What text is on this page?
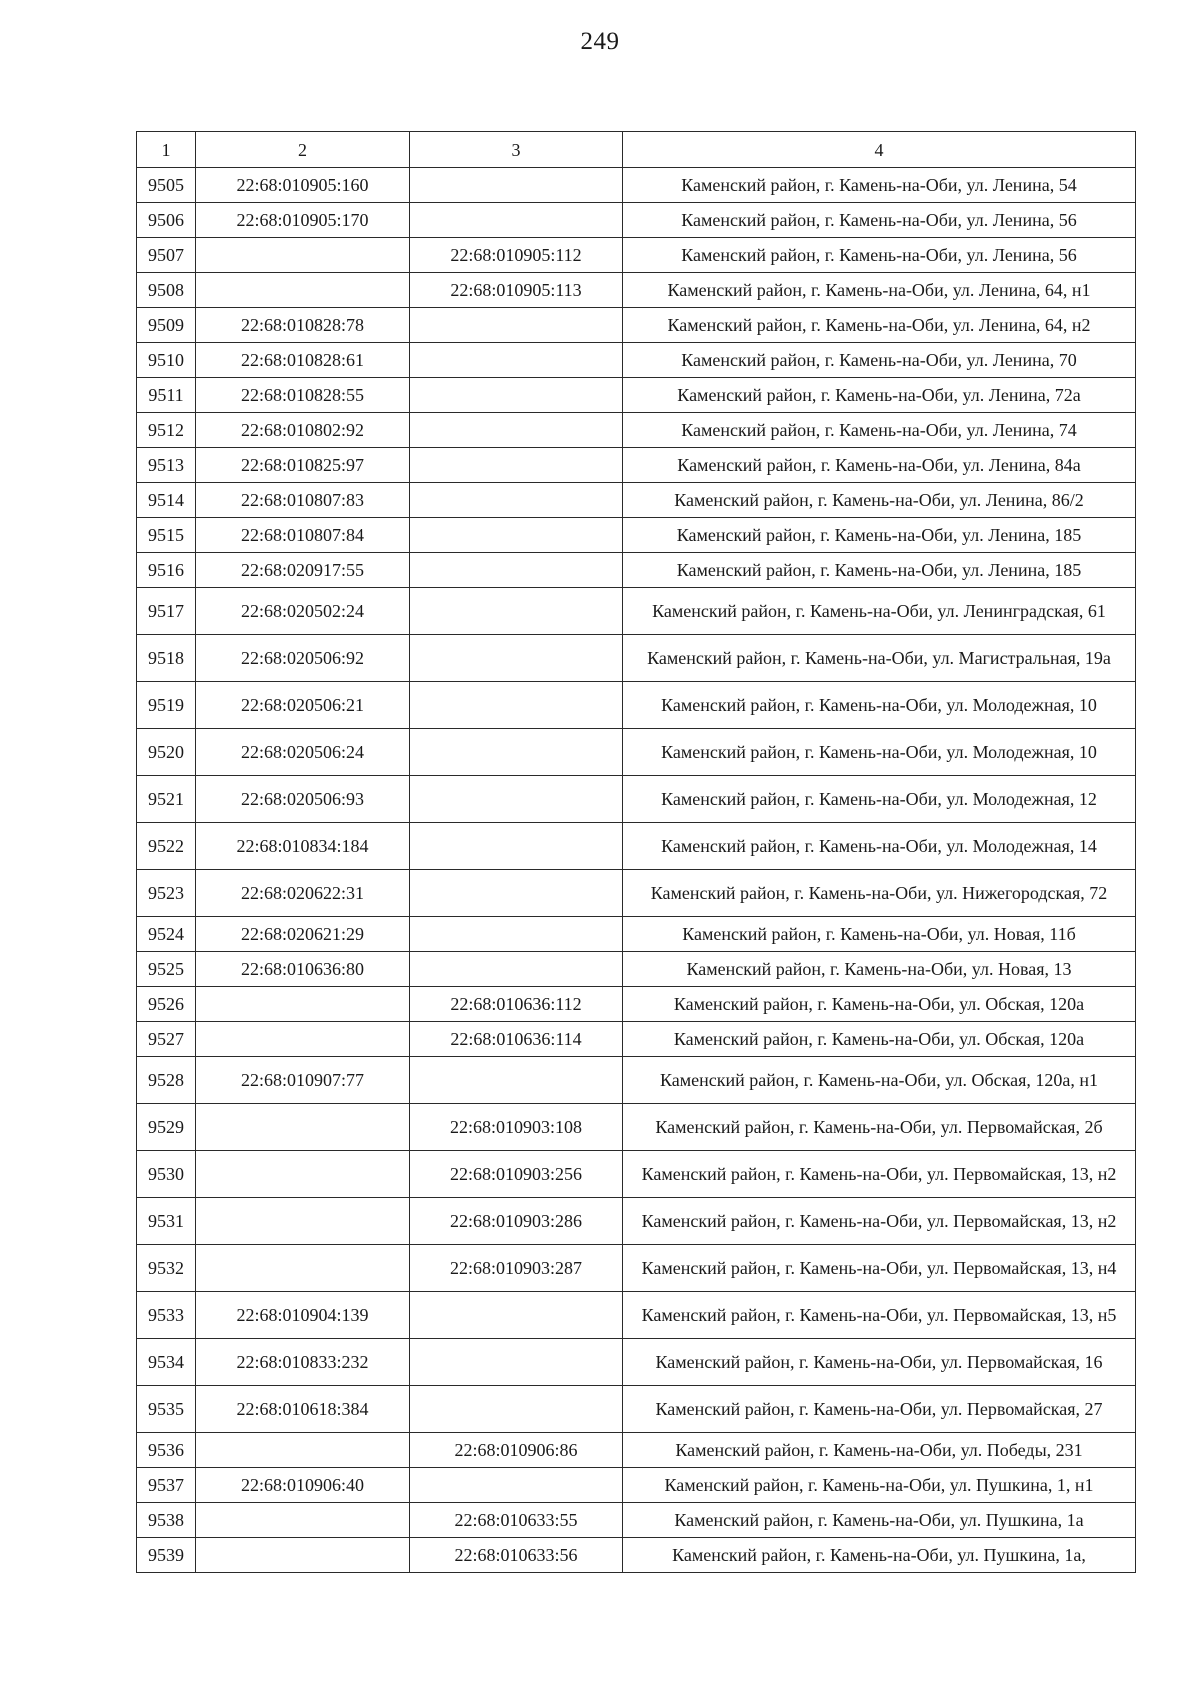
249
1	2	3	4
9505	22:68:010905:160		Каменский район, г. Камень-на-Оби, ул. Ленина, 54
9506	22:68:010905:170		Каменский район, г. Камень-на-Оби, ул. Ленина, 56
9507		22:68:010905:112	Каменский район, г. Камень-на-Оби, ул. Ленина, 56
9508		22:68:010905:113	Каменский район, г. Камень-на-Оби, ул. Ленина, 64, н1
9509	22:68:010828:78		Каменский район, г. Камень-на-Оби, ул. Ленина, 64, н2
9510	22:68:010828:61		Каменский район, г. Камень-на-Оби, ул. Ленина, 70
9511	22:68:010828:55		Каменский район, г. Камень-на-Оби, ул. Ленина, 72а
9512	22:68:010802:92		Каменский район, г. Камень-на-Оби, ул. Ленина, 74
9513	22:68:010825:97		Каменский район, г. Камень-на-Оби, ул. Ленина, 84а
9514	22:68:010807:83		Каменский район, г. Камень-на-Оби, ул. Ленина, 86/2
9515	22:68:010807:84		Каменский район, г. Камень-на-Оби, ул. Ленина, 185
9516	22:68:020917:55		Каменский район, г. Камень-на-Оби, ул. Ленина, 185
9517	22:68:020502:24		Каменский район, г. Камень-на-Оби, ул. Ленинградская, 61
9518	22:68:020506:92		Каменский район, г. Камень-на-Оби, ул. Магистральная, 19а
9519	22:68:020506:21		Каменский район, г. Камень-на-Оби, ул. Молодежная, 10
9520	22:68:020506:24		Каменский район, г. Камень-на-Оби, ул. Молодежная, 10
9521	22:68:020506:93		Каменский район, г. Камень-на-Оби, ул. Молодежная, 12
9522	22:68:010834:184		Каменский район, г. Камень-на-Оби, ул. Молодежная, 14
9523	22:68:020622:31		Каменский район, г. Камень-на-Оби, ул. Нижегородская, 72
9524	22:68:020621:29		Каменский район, г. Камень-на-Оби, ул. Новая, 11б
9525	22:68:010636:80		Каменский район, г. Камень-на-Оби, ул. Новая, 13
9526		22:68:010636:112	Каменский район, г. Камень-на-Оби, ул. Обская, 120а
9527		22:68:010636:114	Каменский район, г. Камень-на-Оби, ул. Обская, 120а
9528	22:68:010907:77		Каменский район, г. Камень-на-Оби, ул. Обская, 120а, н1
9529		22:68:010903:108	Каменский район, г. Камень-на-Оби, ул. Первомайская, 2б
9530		22:68:010903:256	Каменский район, г. Камень-на-Оби, ул. Первомайская, 13, н2
9531		22:68:010903:286	Каменский район, г. Камень-на-Оби, ул. Первомайская, 13, н2
9532		22:68:010903:287	Каменский район, г. Камень-на-Оби, ул. Первомайская, 13, н4
9533	22:68:010904:139		Каменский район, г. Камень-на-Оби, ул. Первомайская, 13, н5
9534	22:68:010833:232		Каменский район, г. Камень-на-Оби, ул. Первомайская, 16
9535	22:68:010618:384		Каменский район, г. Камень-на-Оби, ул. Первомайская, 27
9536		22:68:010906:86	Каменский район, г. Камень-на-Оби, ул. Победы, 231
9537	22:68:010906:40		Каменский район, г. Камень-на-Оби, ул. Пушкина, 1, н1
9538		22:68:010633:55	Каменский район, г. Камень-на-Оби, ул. Пушкина, 1а
9539		22:68:010633:56	Каменский район, г. Камень-на-Оби, ул. Пушкина, 1а,
